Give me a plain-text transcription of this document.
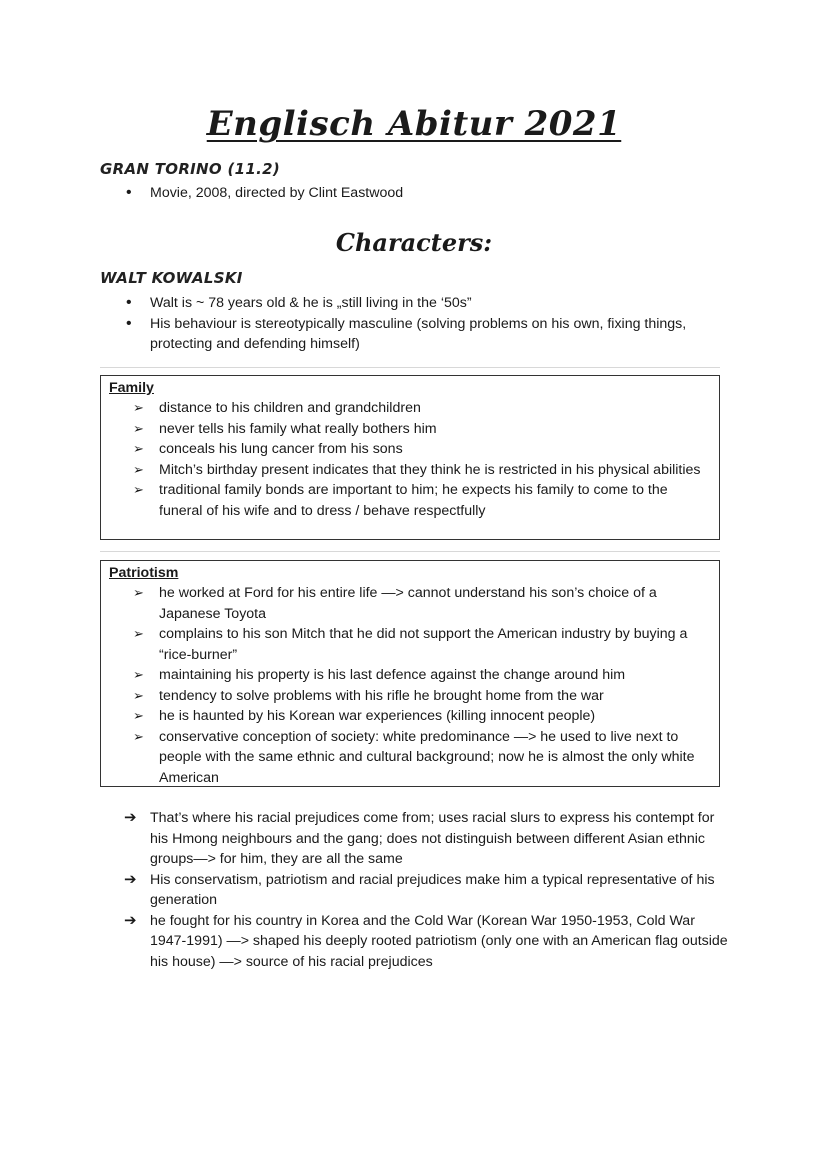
Englisch Abitur 2021
GRAN TORINO (11.2)
• Movie, 2008, directed by Clint Eastwood
Characters:
WALT KOWALSKI
• Walt is ~ 78 years old & he is „still living in the ‘50s”
• His behaviour is stereotypically masculine (solving problems on his own, fixing things, protecting and defending himself)
Family
➢ distance to his children and grandchildren
➢ never tells his family what really bothers him
➢ conceals his lung cancer from his sons
➢ Mitch’s birthday present indicates that they think he is restricted in his physical abilities
➢ traditional family bonds are important to him; he expects his family to come to the funeral of his wife and to dress / behave respectfully
Patriotism
➢ he worked at Ford for his entire life —> cannot understand his son’s choice of a Japanese Toyota
➢ complains to his son Mitch that he did not support the American industry by buying a “rice-burner”
➢ maintaining his property is his last defence against the change around him
➢ tendency to solve problems with his rifle he brought home from the war
➢ he is haunted by his Korean war experiences (killing innocent people)
➢ conservative conception of society: white predominance —> he used to live next to people with the same ethnic and cultural background; now he is almost the only white American
➔ That’s where his racial prejudices come from; uses racial slurs to express his contempt for his Hmong neighbours and the gang; does not distinguish between different Asian ethnic groups—> for him, they are all the same
➔ His conservatism, patriotism and racial prejudices make him a typical representative of his generation
➔ he fought for his country in Korea and the Cold War (Korean War 1950-1953, Cold War 1947-1991) —> shaped his deeply rooted patriotism (only one with an American flag outside his house) —> source of his racial prejudices
